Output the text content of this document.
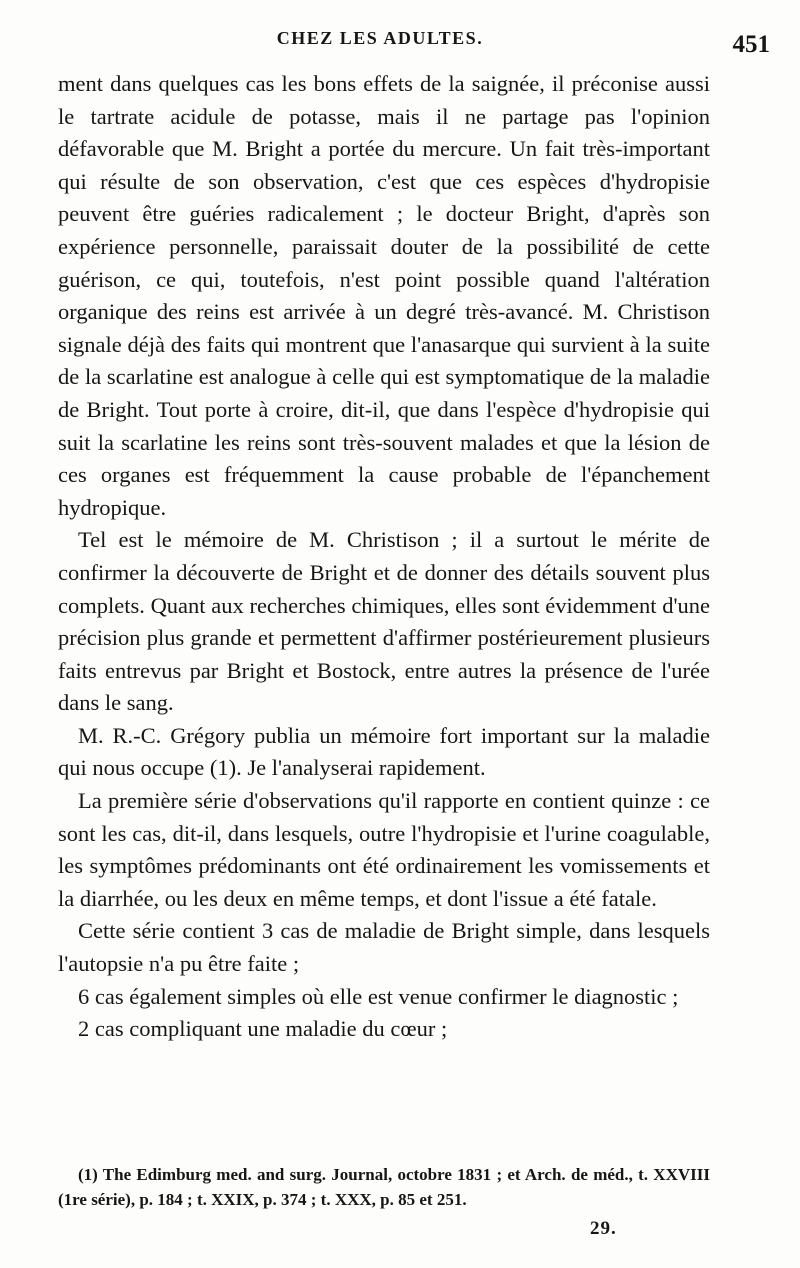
CHEZ LES ADULTES.	451

ment dans quelques cas les bons effets de la saignée, il préconise aussi le tartrate acidule de potasse, mais il ne partage pas l'opinion défavorable que M. Bright a portée du mercure. Un fait très-important qui résulte de son observation, c'est que ces espèces d'hydropisie peuvent être guéries radicalement ; le docteur Bright, d'après son expérience personnelle, paraissait douter de la possibilité de cette guérison, ce qui, toutefois, n'est point possible quand l'altération organique des reins est arrivée à un degré très-avancé. M. Christison signale déjà des faits qui montrent que l'anasarque qui survient à la suite de la scarlatine est analogue à celle qui est symptomatique de la maladie de Bright. Tout porte à croire, dit-il, que dans l'espèce d'hydropisie qui suit la scarlatine les reins sont très-souvent malades et que la lésion de ces organes est fréquemment la cause probable de l'épanchement hydropique.

Tel est le mémoire de M. Christison ; il a surtout le mérite de confirmer la découverte de Bright et de donner des détails souvent plus complets. Quant aux recherches chimiques, elles sont évidemment d'une précision plus grande et permettent d'affirmer postérieurement plusieurs faits entrevus par Bright et Bostock, entre autres la présence de l'urée dans le sang.

M. R.-C. Grégory publia un mémoire fort important sur la maladie qui nous occupe (1). Je l'analyserai rapidement.

La première série d'observations qu'il rapporte en contient quinze : ce sont les cas, dit-il, dans lesquels, outre l'hydropisie et l'urine coagulable, les symptômes prédominants ont été ordinairement les vomissements et la diarrhée, ou les deux en même temps, et dont l'issue a été fatale.

Cette série contient 3 cas de maladie de Bright simple, dans lesquels l'autopsie n'a pu être faite ;

6 cas également simples où elle est venue confirmer le diagnostic ;

2 cas compliquant une maladie du cœur ;

(1) The Edimburg med. and surg. Journal, octobre 1831 ; et Arch. de méd., t. XXVIII (1re série), p. 184 ; t. XXIX, p. 374 ; t. XXX, p. 85 et 251.
29.
